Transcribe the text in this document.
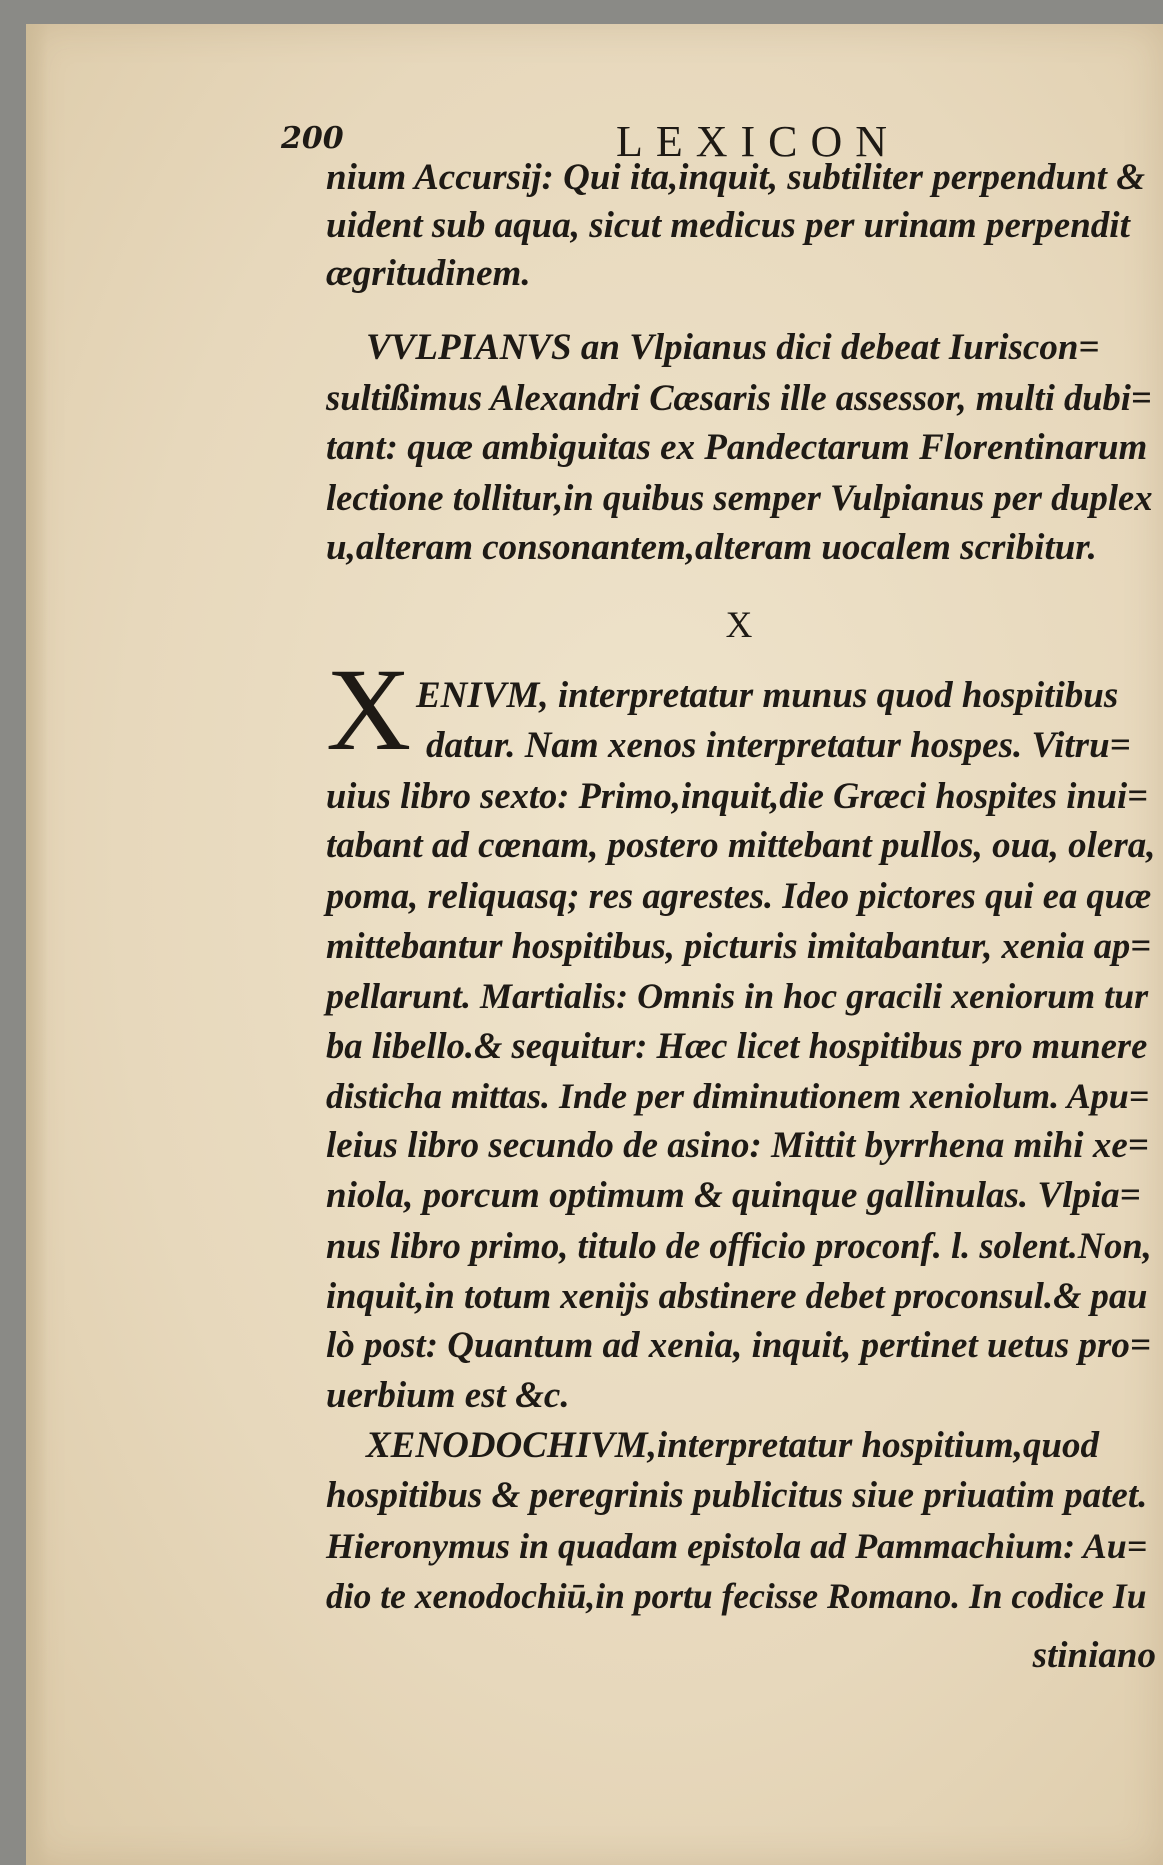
200	LEXICON
nium Accursij: Qui ita,inquit, subtiliter perpendunt &
uident sub aqua, sicut medicus per urinam perpendit
ægritudinem.
VVLPIANVS an Vlpianus dici debeat Iuriscon=
sultißimus Alexandri Cæsaris ille assessor, multi dubi=
tant: quæ ambiguitas ex Pandectarum Florentinarum
lectione tollitur,in quibus semper Vulpianus per duplex
u,alteram consonantem,alteram uocalem scribitur.
X
X ENIVM, interpretatur munus quod hospitibus
datur. Nam xenos interpretatur hospes. Vitru=
uius libro sexto: Primo,inquit,die Græci hospites inui=
tabant ad cœnam, postero mittebant pullos, oua, olera,
poma, reliquasq; res agrestes. Ideo pictores qui ea quæ
mittebantur hospitibus, picturis imitabantur, xenia ap=
pellarunt. Martialis: Omnis in hoc gracili xeniorum tur
ba libello.& sequitur: Hæc licet hospitibus pro munere
disticha mittas. Inde per diminutionem xeniolum. Apu=
leius libro secundo de asino: Mittit byrrhena mihi xe=
niola, porcum optimum & quinque gallinulas. Vlpia=
nus libro primo, titulo de officio proconf. l. solent.Non,
inquit,in totum xenijs abstinere debet proconsul.& pau
lò post: Quantum ad xenia, inquit, pertinet uetus pro=
uerbium est &c.
XENODOCHIVM,interpretatur hospitium,quod
hospitibus & peregrinis publicitus siue priuatim patet.
Hieronymus in quadam epistola ad Pammachium: Au=
dio te xenodochiū,in portu fecisse Romano. In codice Iu
stiniano
